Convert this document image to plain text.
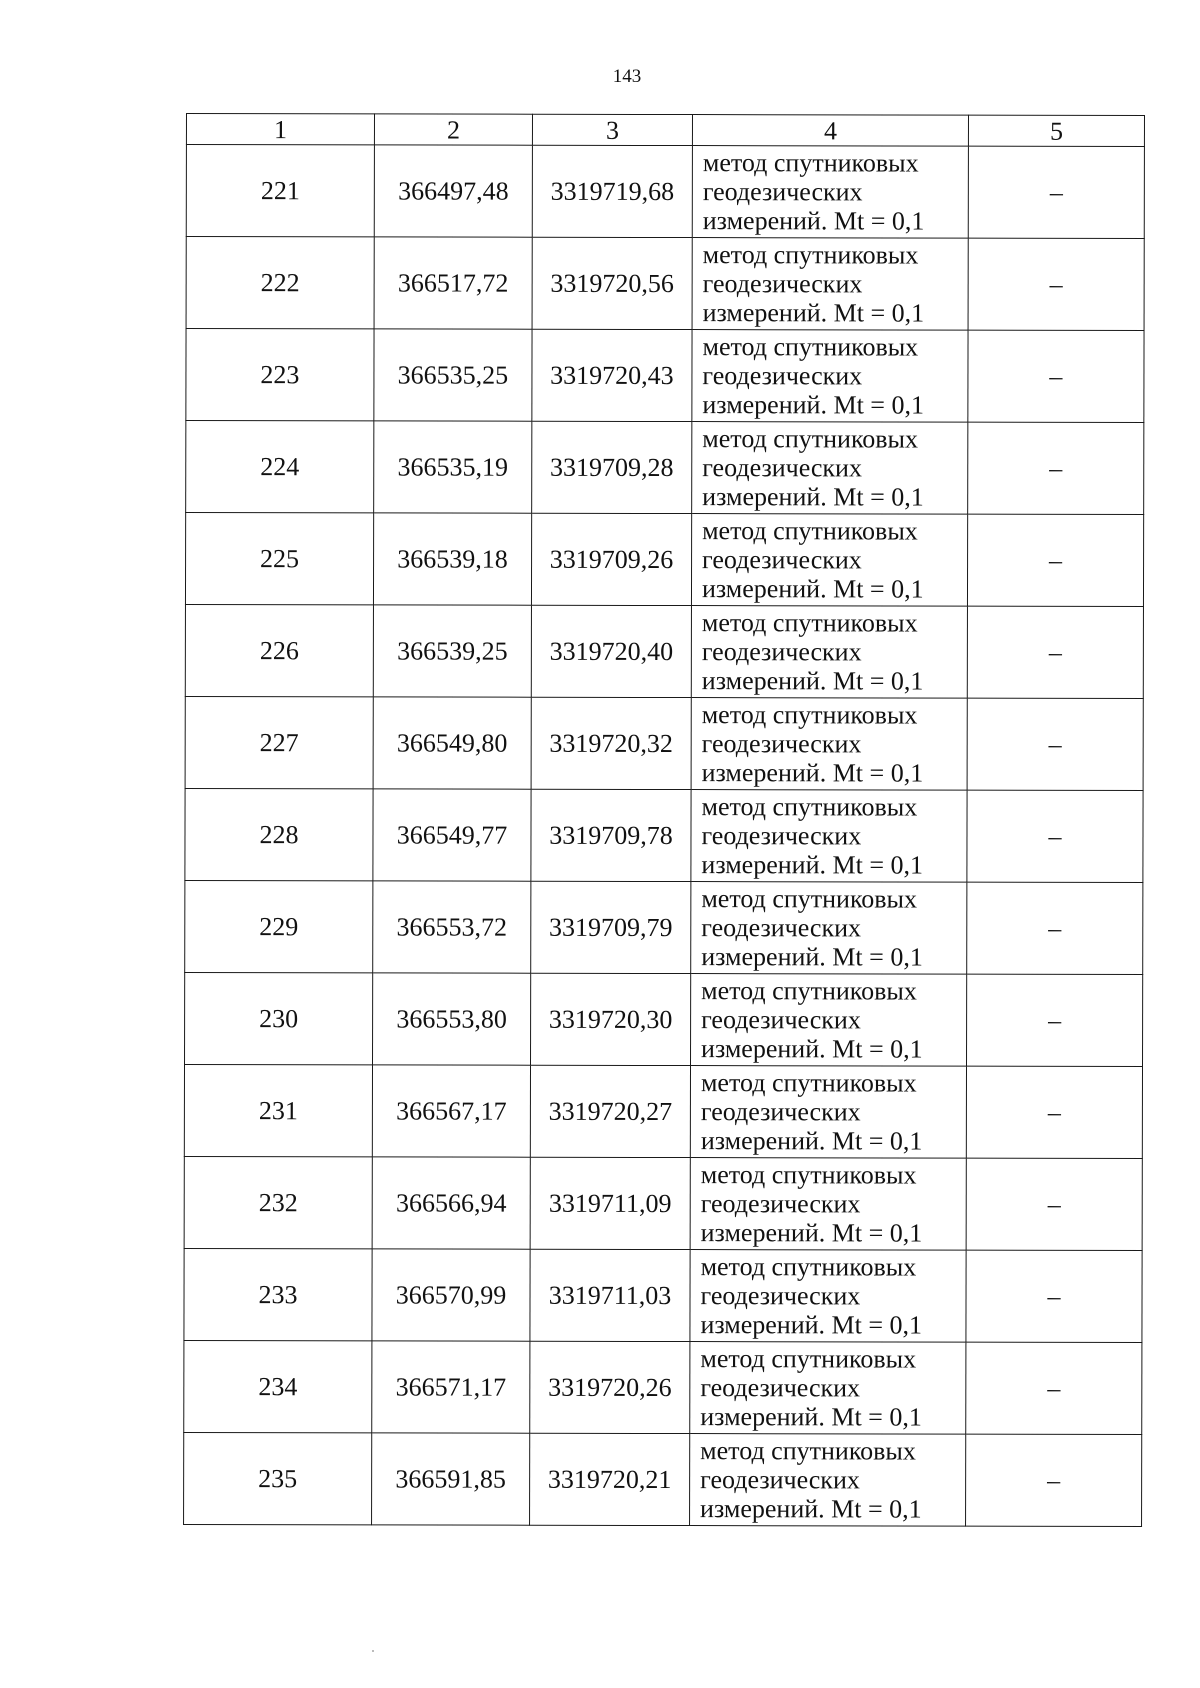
143
1	2	3	4	5
221	366497,48	3319719,68	метод спутниковых
геодезических
измерений. Mt = 0,1	–
222	366517,72	3319720,56	метод спутниковых
геодезических
измерений. Mt = 0,1	–
223	366535,25	3319720,43	метод спутниковых
геодезических
измерений. Mt = 0,1	–
224	366535,19	3319709,28	метод спутниковых
геодезических
измерений. Mt = 0,1	–
225	366539,18	3319709,26	метод спутниковых
геодезических
измерений. Mt = 0,1	–
226	366539,25	3319720,40	метод спутниковых
геодезических
измерений. Mt = 0,1	–
227	366549,80	3319720,32	метод спутниковых
геодезических
измерений. Mt = 0,1	–
228	366549,77	3319709,78	метод спутниковых
геодезических
измерений. Mt = 0,1	–
229	366553,72	3319709,79	метод спутниковых
геодезических
измерений. Mt = 0,1	–
230	366553,80	3319720,30	метод спутниковых
геодезических
измерений. Mt = 0,1	–
231	366567,17	3319720,27	метод спутниковых
геодезических
измерений. Mt = 0,1	–
232	366566,94	3319711,09	метод спутниковых
геодезических
измерений. Mt = 0,1	–
233	366570,99	3319711,03	метод спутниковых
геодезических
измерений. Mt = 0,1	–
234	366571,17	3319720,26	метод спутниковых
геодезических
измерений. Mt = 0,1	–
235	366591,85	3319720,21	метод спутниковых
геодезических
измерений. Mt = 0,1	–
